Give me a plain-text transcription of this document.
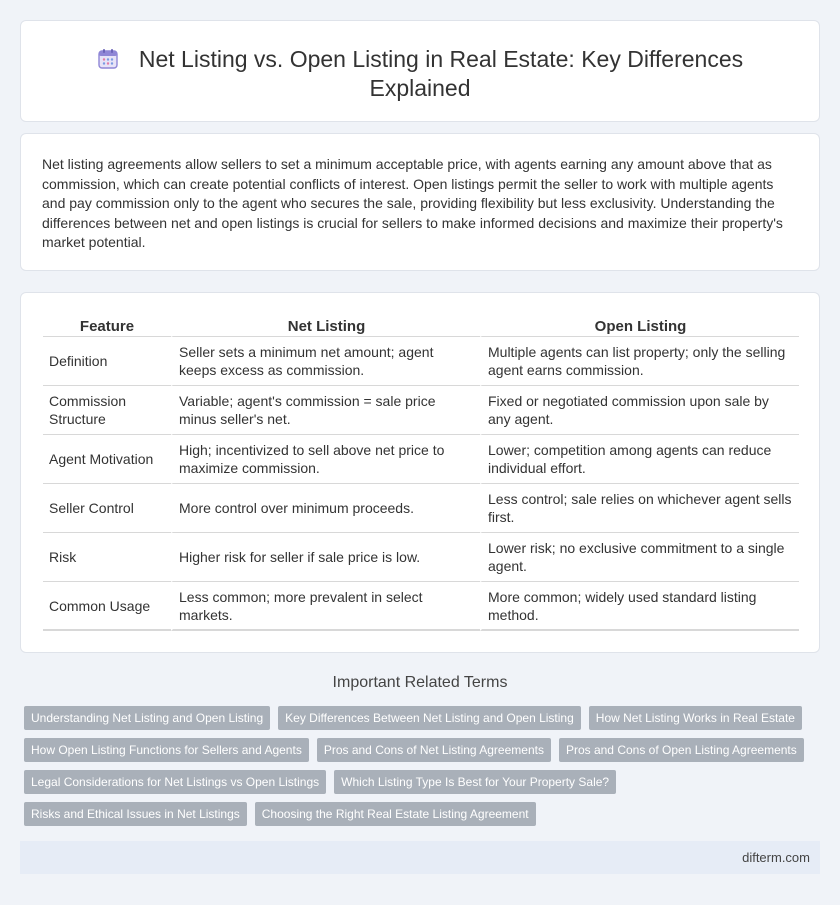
Net Listing vs. Open Listing in Real Estate: Key Differences Explained

Net listing agreements allow sellers to set a minimum acceptable price, with agents earning any amount above that as commission, which can create potential conflicts of interest. Open listings permit the seller to work with multiple agents and pay commission only to the agent who secures the sale, providing flexibility but less exclusivity. Understanding the differences between net and open listings is crucial for sellers to make informed decisions and maximize their property's market potential.

Feature	Net Listing	Open Listing
Definition	Seller sets a minimum net amount; agent keeps excess as commission.	Multiple agents can list property; only the selling agent earns commission.
Commission Structure	Variable; agent's commission = sale price minus seller's net.	Fixed or negotiated commission upon sale by any agent.
Agent Motivation	High; incentivized to sell above net price to maximize commission.	Lower; competition among agents can reduce individual effort.
Seller Control	More control over minimum proceeds.	Less control; sale relies on whichever agent sells first.
Risk	Higher risk for seller if sale price is low.	Lower risk; no exclusive commitment to a single agent.
Common Usage	Less common; more prevalent in select markets.	More common; widely used standard listing method.
Important Related Terms
Understanding Net Listing and Open Listing	Key Differences Between Net Listing and Open Listing	How Net Listing Works in Real Estate
How Open Listing Functions for Sellers and Agents	Pros and Cons of Net Listing Agreements	Pros and Cons of Open Listing Agreements
Legal Considerations for Net Listings vs Open Listings	Which Listing Type Is Best for Your Property Sale?
Risks and Ethical Issues in Net Listings	Choosing the Right Real Estate Listing Agreement
difterm.com
